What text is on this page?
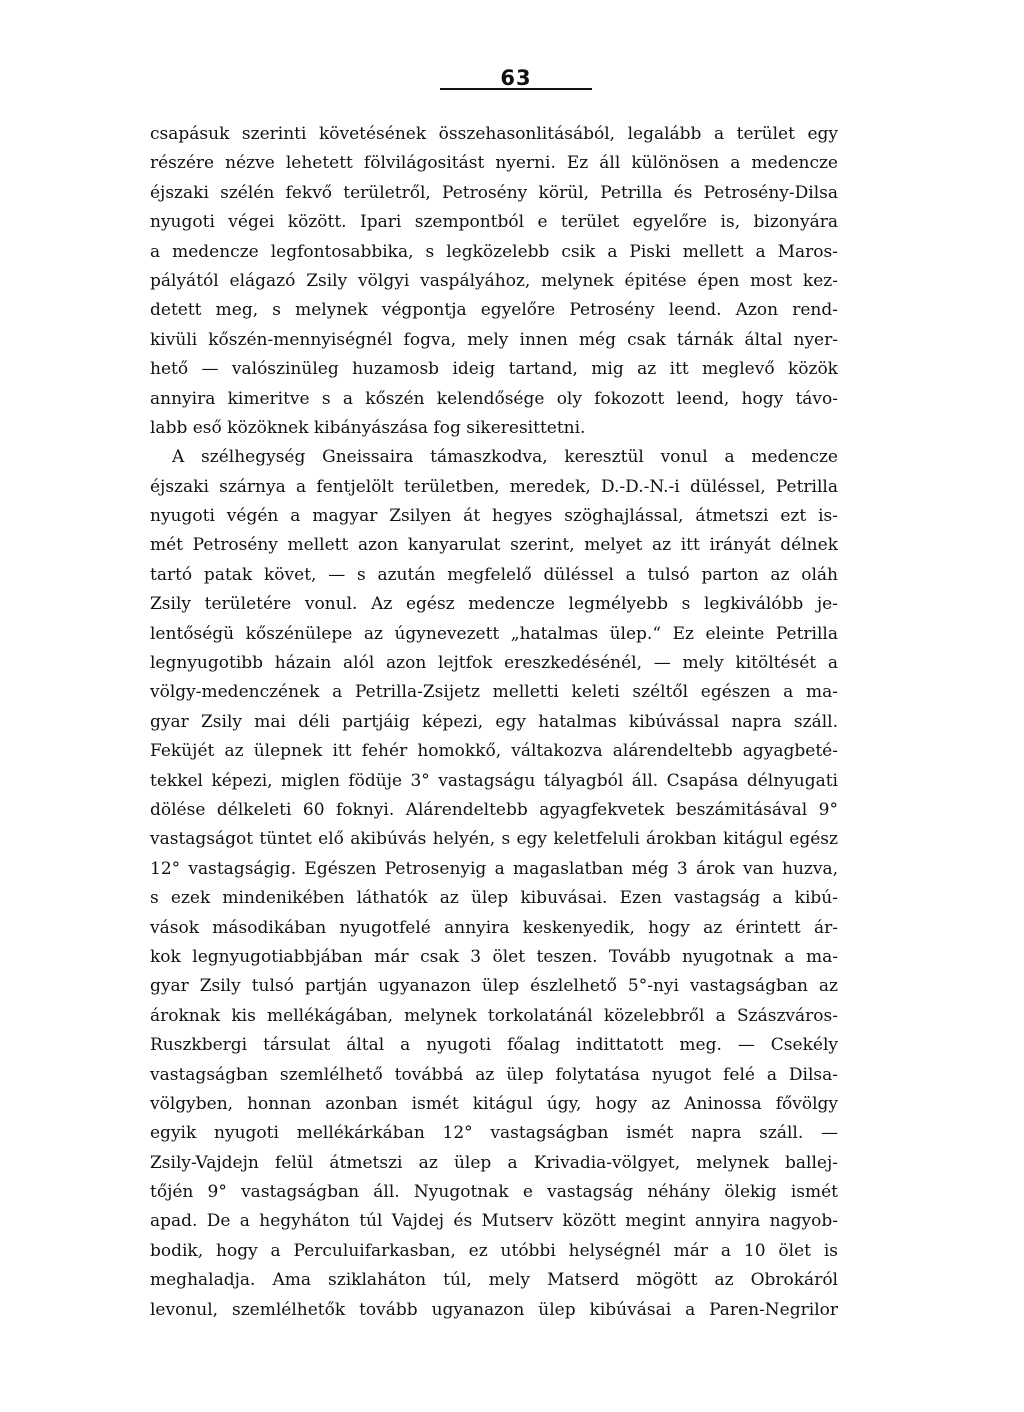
63
csapásuk szerinti követésének összehasonlitásából, legalább a terület egy
részére nézve lehetett fölvilágositást nyerni. Ez áll különösen a medencze
éjszaki szélén fekvő területről, Petrosény körül, Petrilla és Petrosény-Dilsa
nyugoti végei között. Ipari szempontból e terület egyelőre is, bizonyára
a medencze legfontosabbika, s legközelebb csik a Piski mellett a Maros-
pályától elágazó Zsily völgyi vaspályához, melynek épitése épen most kez-
detett meg, s melynek végpontja egyelőre Petrosény leend. Azon rend-
kivüli kőszén-mennyiségnél fogva, mely innen még csak tárnák által nyer-
hető — valószinüleg huzamosb ideig tartand, mig az itt meglevő közök
annyira kimeritve s a kőszén kelendősége oly fokozott leend, hogy távo-
labb eső közöknek kibányászása fog sikeresittetni.
A szélhegység Gneissaira támaszkodva, keresztül vonul a medencze
éjszaki szárnya a fentjelölt területben, meredek, D.-D.-N.-i düléssel, Petrilla
nyugoti végén a magyar Zsilyen át hegyes szöghajlással, átmetszi ezt is-
mét Petrosény mellett azon kanyarulat szerint, melyet az itt irányát délnek
tartó patak követ, — s azután megfelelő düléssel a tulsó parton az oláh
Zsily területére vonul. Az egész medencze legmélyebb s legkiválóbb je-
lentőségü kőszénülepe az úgynevezett „hatalmas ülep.“ Ez eleinte Petrilla
legnyugotibb házain alól azon lejtfok ereszkedésénél, — mely kitöltését a
völgy-medenczének a Petrilla-Zsijetz melletti keleti széltől egészen a ma-
gyar Zsily mai déli partjáig képezi, egy hatalmas kibúvással napra száll.
Feküjét az ülepnek itt fehér homokkő, váltakozva alárendeltebb agyagbeté-
tekkel képezi, miglen födüje 3° vastagságu tályagból áll. Csapása délnyugati
dölése délkeleti 60 foknyi. Alárendeltebb agyagfekvetek beszámitásával 9°
vastagságot tüntet elő akibúvás helyén, s egy keletfeluli árokban kitágul egész
12° vastagságig. Egészen Petrosenyig a magaslatban még 3 árok van huzva,
s ezek mindenikében láthatók az ülep kibuvásai. Ezen vastagság a kibú-
vások másodikában nyugotfelé annyira keskenyedik, hogy az érintett ár-
kok legnyugotiabbjában már csak 3 ölet teszen. Tovább nyugotnak a ma-
gyar Zsily tulsó partján ugyanazon ülep észlelhető 5°-nyi vastagságban az
ároknak kis mellékágában, melynek torkolatánál közelebbről a Szászváros-
Ruszkbergi társulat által a nyugoti főalag indittatott meg. — Csekély
vastagságban szemlélhető továbbá az ülep folytatása nyugot felé a Dilsa-
völgyben, honnan azonban ismét kitágul úgy, hogy az Aninossa fővölgy
egyik nyugoti mellékárkában 12° vastagságban ismét napra száll. —
Zsily-Vajdejn felül átmetszi az ülep a Krivadia-völgyet, melynek ballej-
tőjén 9° vastagságban áll. Nyugotnak e vastagság néhány ölekig ismét
apad. De a hegyháton túl Vajdej és Mutserv között megint annyira nagyob-
bodik, hogy a Perculuifarkasban, ez utóbbi helységnél már a 10 ölet is
meghaladja. Ama sziklaháton túl, mely Matserd mögött az Obrokáról
levonul, szemlélhetők tovább ugyanazon ülep kibúvásai a Paren-Negrilor
